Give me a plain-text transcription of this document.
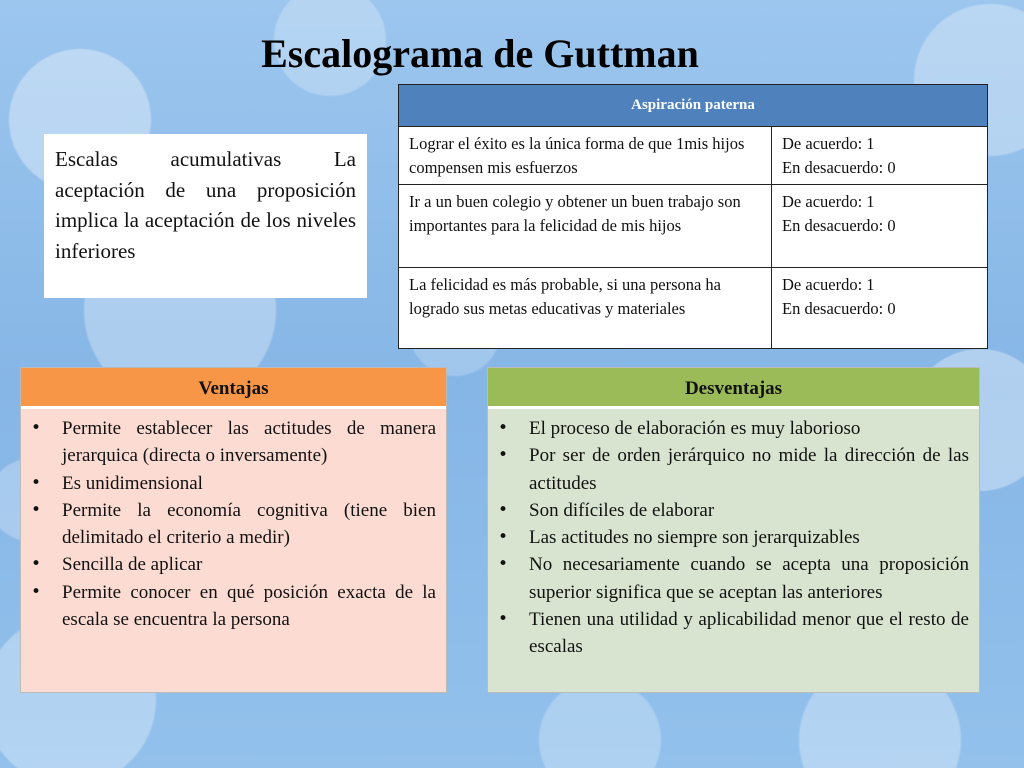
Escalograma de Guttman
Escalas acumulativas La aceptación de una proposición implica la aceptación de los niveles inferiores
Aspiración paterna	
Lograr el éxito es la única forma de que 1mis hijos compensen mis esfuerzos	De acuerdo: 1
En desacuerdo: 0

Ir a un buen colegio y obtener un buen trabajo son importantes para la felicidad de mis hijos	De acuerdo: 1
En desacuerdo: 0

La felicidad es más probable, si una persona ha logrado sus metas educativas y materiales	De acuerdo: 1
En desacuerdo: 0
Ventajas
• Permite establecer las actitudes de manera jerarquica (directa o inversamente)
• Es unidimensional
• Permite la economía cognitiva (tiene bien delimitado el criterio a medir)
• Sencilla de aplicar
• Permite conocer en qué posición exacta de la escala se encuentra la persona
Desventajas
• El proceso de elaboración es muy laborioso
• Por ser de orden jerárquico no mide la dirección de las actitudes
• Son difíciles de elaborar
• Las actitudes no siempre son jerarquizables
• No necesariamente cuando se acepta una proposición superior significa que se aceptan las anteriores
• Tienen una utilidad y aplicabilidad menor que el resto de escalas
